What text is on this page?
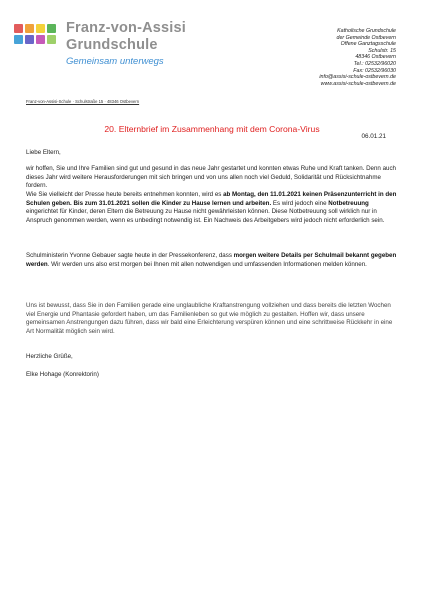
Franz-von-Assisi
Grundschule
Gemeinsam unterwegs
Katholische Grundschule
der Gemeinde Ostbevern
Offene Ganztagsschule
Schulstr. 15
48346 Ostbevern
Tel.: 02532/96020
Fax: 02532/96030
info@assisi-schule-ostbevern.de
www.assisi-schule-ostbevern.de
Franz-von-Assisi-Schule · Schulstraße 15 · 48346 Ostbevern
20. Elternbrief im Zusammenhang mit dem Corona-Virus
06.01.21
Liebe Eltern,
wir hoffen, Sie und Ihre Familien sind gut und gesund in das neue Jahr gestartet und konnten etwas Ruhe und Kraft tanken. Denn auch dieses Jahr wird weitere Herausforderungen mit sich bringen und von uns allen noch viel Geduld, Solidarität und Rücksichtnahme fordern.
Wie Sie vielleicht der Presse heute bereits entnehmen konnten, wird es ab Montag, den 11.01.2021 keinen Präsenzunterricht in den Schulen geben. Bis zum 31.01.2021 sollen die Kinder zu Hause lernen und arbeiten. Es wird jedoch eine Notbetreuung eingerichtet für Kinder, deren Eltern die Betreuung zu Hause nicht gewährleisten können. Diese Notbetreuung soll wirklich nur in Anspruch genommen werden, wenn es unbedingt notwendig ist. Ein Nachweis des Arbeitgebers wird jedoch nicht erforderlich sein.
Schulministerin Yvonne Gebauer sagte heute in der Pressekonferenz, dass morgen weitere Details per Schulmail bekannt gegeben werden. Wir werden uns also erst morgen bei Ihnen mit allen notwendigen und umfassenden Informationen melden können.
Uns ist bewusst, dass Sie in den Familien gerade eine unglaubliche Kraftanstrengung vollziehen und dass bereits die letzten Wochen viel Energie und Phantasie gefordert haben, um das Familienleben so gut wie möglich zu gestalten. Hoffen wir, dass unsere gemeinsamen Anstrengungen dazu führen, dass wir bald eine Erleichterung verspüren können und eine schrittweise Rückkehr in eine Art Normalität möglich sein wird.
Herzliche Grüße,
Elke Hohage (Konrektorin)
